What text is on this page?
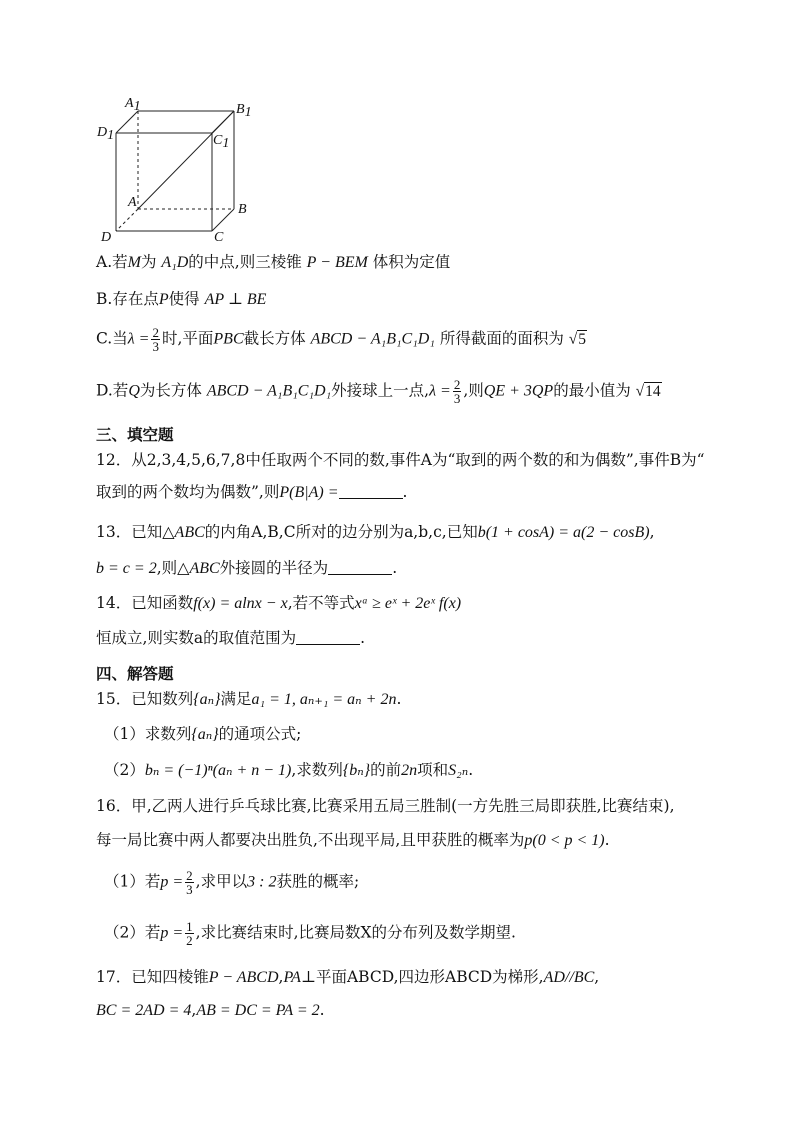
A1	B1
D1	C1
A	B
D	C
A.若M为 A₁D的中点,则三棱锥 P − BEM 体积为定值
B.存在点P使得 AP ⊥ BE
C.当$\lambda = \frac{2}{3}$ 时,平面PBC截长方体 ABCD − A₁B₁C₁D₁ 所得截面的面积为 √5
D.若Q为长方体 ABCD − A₁B₁C₁D₁外接球上一点$,\lambda = \frac{2}{3}$ ,则QE + 3QP的最小值为 √14
三、填空题
12．从2,3,4,5,6,7,8中任取两个不同的数,事件A为“取到的两个数的和为偶数”,事件B为“
取到的两个数均为偶数”,则P(B|A) =	.
13．已知△ABC的内角A,B,C所对的边分别为a,b,c,已知b(1 + cosA) = a(2 − cosB),
b = c = 2,则△ABC外接圆的半径为	.
14．已知函数f(x) = alnx − x,若不等式xᵃ ≥ eˣ + 2eˣ f(x)
恒成立,则实数a的取值范围为	.
四、解答题
15．已知数列{aₙ}满足a₁ = 1, aₙ₊₁ = aₙ + 2n.
（1）求数列{aₙ}的通项公式;
（2）bₙ = (−1)ⁿ(aₙ + n − 1),求数列{bₙ}的前2n项和S₂ₙ.
16．甲,乙两人进行乒乓球比赛,比赛采用五局三胜制(一方先胜三局即获胜,比赛结束),
每一局比赛中两人都要决出胜负,不出现平局,且甲获胜的概率为p(0 < p < 1).
（1）若$p = \frac{2}{3}$ ,求甲以3 : 2获胜的概率;
（2）若$p = \frac{1}{2}$ ,求比赛结束时,比赛局数X的分布列及数学期望.
17．已知四棱锥P − ABCD,PA⊥平面ABCD,四边形ABCD为梯形,AD//BC,
BC = 2AD = 4,AB = DC = PA = 2.
